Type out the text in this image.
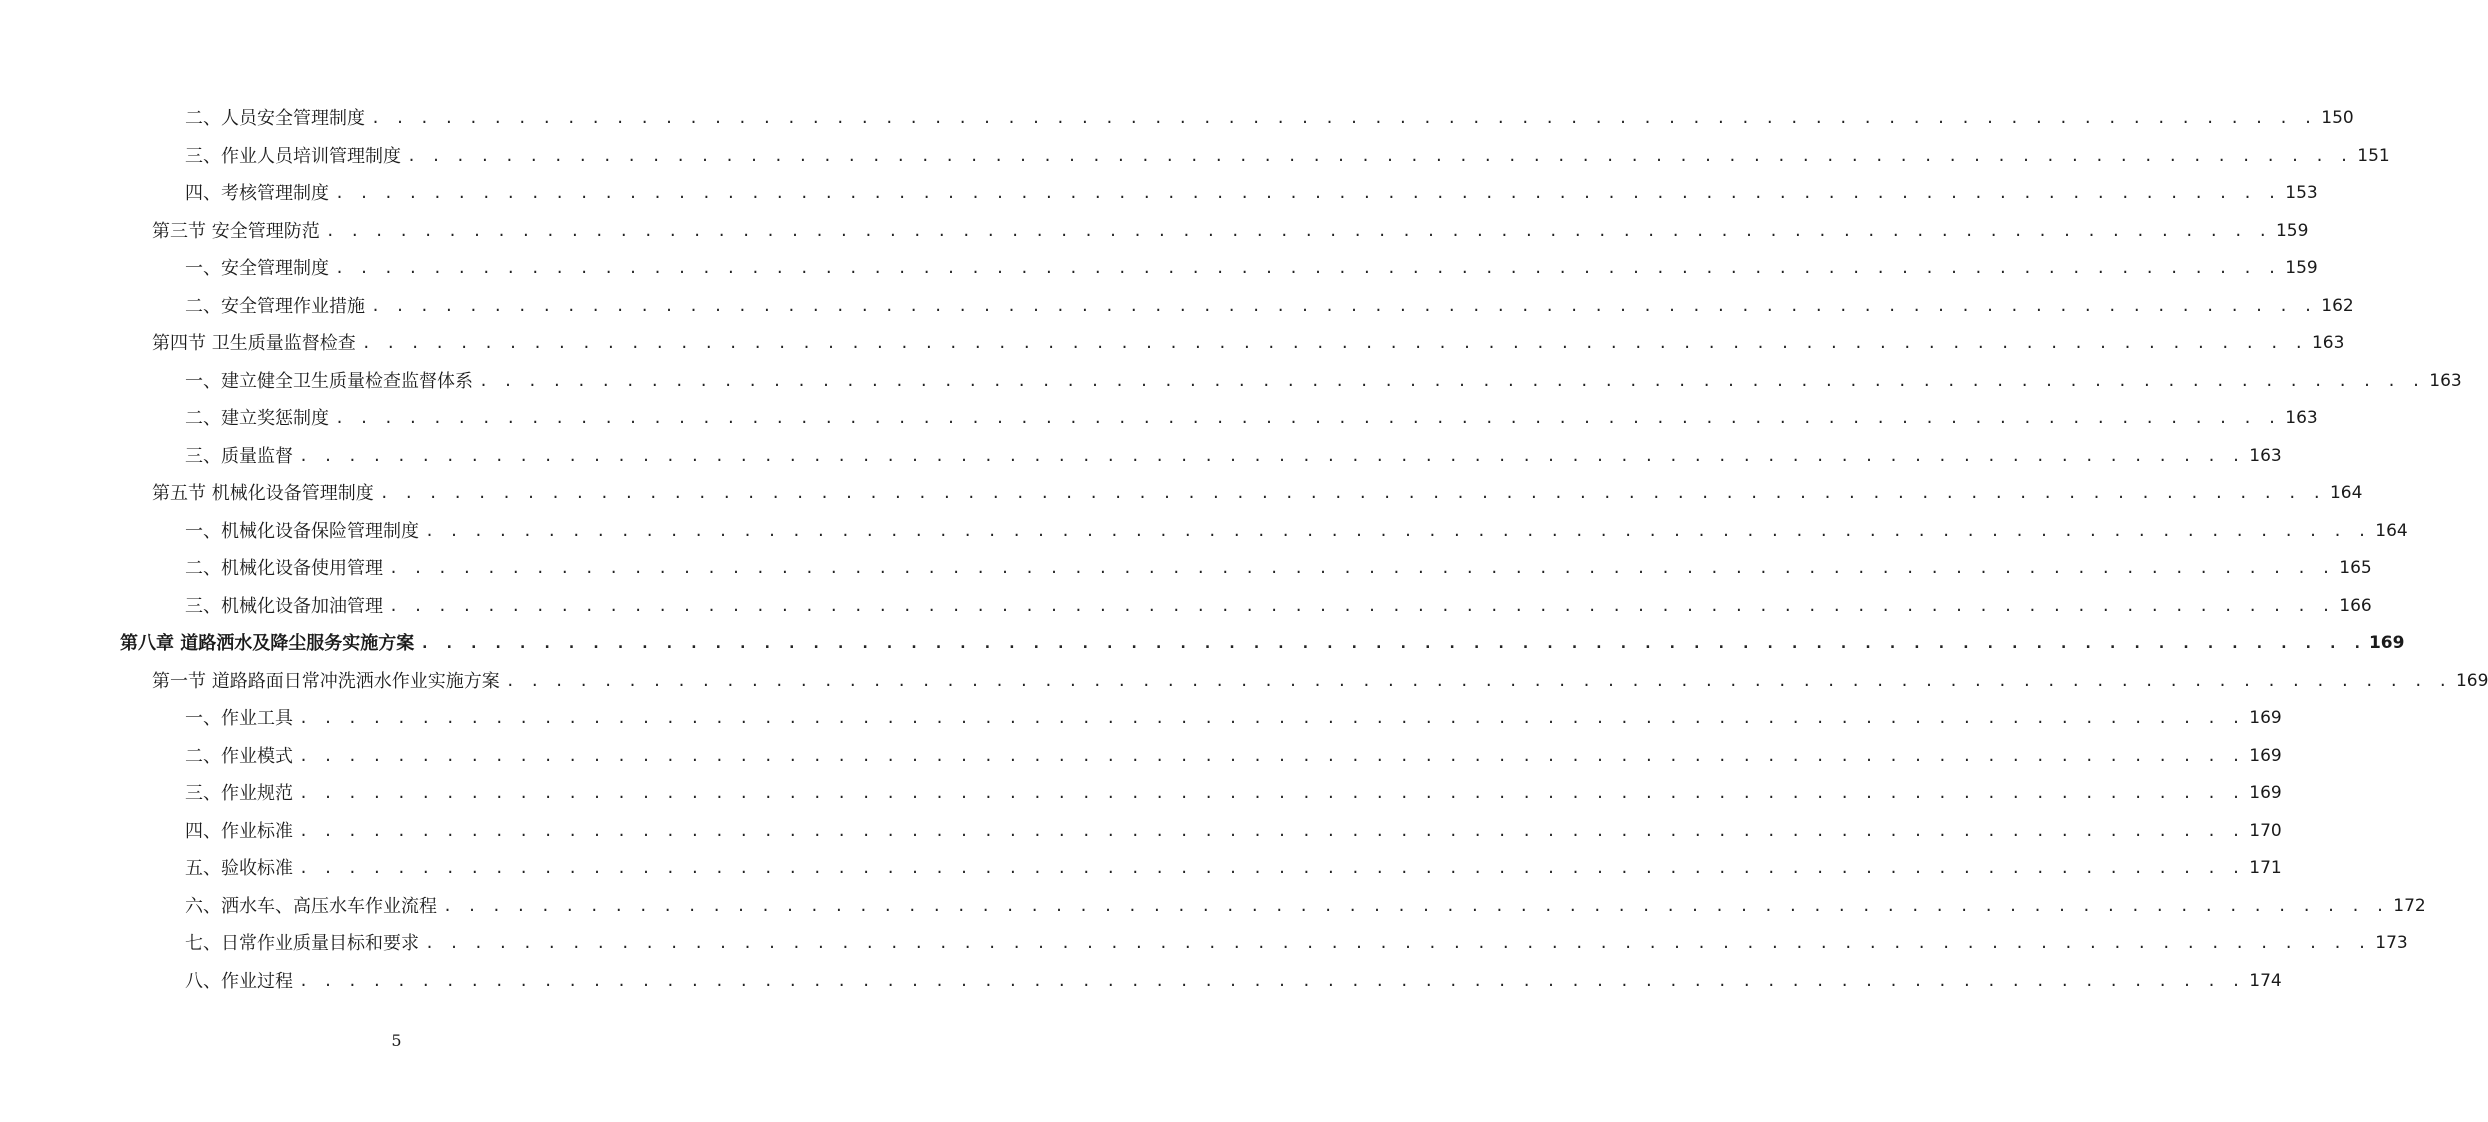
二、人员安全管理制度 . . . . . . . . . . . . . . . . . . . . . . . . . . . . . . . . . . . . . . . . . . . . . . . . . . . . . . . . . . . . . . . . . . . . . . . . . . . . . . . . 150
三、作业人员培训管理制度 . . . . . . . . . . . . . . . . . . . . . . . . . . . . . . . . . . . . . . . . . . . . . . . . . . . . . . . . . . . . . . . . . . . . . . . . . . . . . . . . 151
四、考核管理制度 . . . . . . . . . . . . . . . . . . . . . . . . . . . . . . . . . . . . . . . . . . . . . . . . . . . . . . . . . . . . . . . . . . . . . . . . . . . . . . . . 153
第三节 安全管理防范 . . . . . . . . . . . . . . . . . . . . . . . . . . . . . . . . . . . . . . . . . . . . . . . . . . . . . . . . . . . . . . . . . . . . . . . . . . . . . . . . 159
一、安全管理制度 . . . . . . . . . . . . . . . . . . . . . . . . . . . . . . . . . . . . . . . . . . . . . . . . . . . . . . . . . . . . . . . . . . . . . . . . . . . . . . . . 159
二、安全管理作业措施 . . . . . . . . . . . . . . . . . . . . . . . . . . . . . . . . . . . . . . . . . . . . . . . . . . . . . . . . . . . . . . . . . . . . . . . . . . . . . . . . 162
第四节 卫生质量监督检查 . . . . . . . . . . . . . . . . . . . . . . . . . . . . . . . . . . . . . . . . . . . . . . . . . . . . . . . . . . . . . . . . . . . . . . . . . . . . . . . . 163
一、建立健全卫生质量检查监督体系 . . . . . . . . . . . . . . . . . . . . . . . . . . . . . . . . . . . . . . . . . . . . . . . . . . . . . . . . . . . . . . . . . . . . . . . . . . . . . . . . 163
二、建立奖惩制度 . . . . . . . . . . . . . . . . . . . . . . . . . . . . . . . . . . . . . . . . . . . . . . . . . . . . . . . . . . . . . . . . . . . . . . . . . . . . . . . . 163
三、质量监督 . . . . . . . . . . . . . . . . . . . . . . . . . . . . . . . . . . . . . . . . . . . . . . . . . . . . . . . . . . . . . . . . . . . . . . . . . . . . . . . . 163
第五节 机械化设备管理制度 . . . . . . . . . . . . . . . . . . . . . . . . . . . . . . . . . . . . . . . . . . . . . . . . . . . . . . . . . . . . . . . . . . . . . . . . . . . . . . . . 164
一、机械化设备保险管理制度 . . . . . . . . . . . . . . . . . . . . . . . . . . . . . . . . . . . . . . . . . . . . . . . . . . . . . . . . . . . . . . . . . . . . . . . . . . . . . . . . 164
二、机械化设备使用管理 . . . . . . . . . . . . . . . . . . . . . . . . . . . . . . . . . . . . . . . . . . . . . . . . . . . . . . . . . . . . . . . . . . . . . . . . . . . . . . . . 165
三、机械化设备加油管理 . . . . . . . . . . . . . . . . . . . . . . . . . . . . . . . . . . . . . . . . . . . . . . . . . . . . . . . . . . . . . . . . . . . . . . . . . . . . . . . . 166
第八章 道路洒水及降尘服务实施方案 . . . . . . . . . . . . . . . . . . . . . . . . . . . . . . . . . . . . . . . . . . . . . . . . . . . . . . . . . . . . . . . . . . . . . . . . . . . . . . . . 169
第一节 道路路面日常冲洗洒水作业实施方案 . . . . . . . . . . . . . . . . . . . . . . . . . . . . . . . . . . . . . . . . . . . . . . . . . . . . . . . . . . . . . . . . . . . . . . . . . . . . . . . . 169
一、作业工具 . . . . . . . . . . . . . . . . . . . . . . . . . . . . . . . . . . . . . . . . . . . . . . . . . . . . . . . . . . . . . . . . . . . . . . . . . . . . . . . . 169
二、作业模式 . . . . . . . . . . . . . . . . . . . . . . . . . . . . . . . . . . . . . . . . . . . . . . . . . . . . . . . . . . . . . . . . . . . . . . . . . . . . . . . . 169
三、作业规范 . . . . . . . . . . . . . . . . . . . . . . . . . . . . . . . . . . . . . . . . . . . . . . . . . . . . . . . . . . . . . . . . . . . . . . . . . . . . . . . . 169
四、作业标准 . . . . . . . . . . . . . . . . . . . . . . . . . . . . . . . . . . . . . . . . . . . . . . . . . . . . . . . . . . . . . . . . . . . . . . . . . . . . . . . . 170
五、验收标准 . . . . . . . . . . . . . . . . . . . . . . . . . . . . . . . . . . . . . . . . . . . . . . . . . . . . . . . . . . . . . . . . . . . . . . . . . . . . . . . . 171
六、洒水车、高压水车作业流程 . . . . . . . . . . . . . . . . . . . . . . . . . . . . . . . . . . . . . . . . . . . . . . . . . . . . . . . . . . . . . . . . . . . . . . . . . . . . . . . . 172
七、日常作业质量目标和要求 . . . . . . . . . . . . . . . . . . . . . . . . . . . . . . . . . . . . . . . . . . . . . . . . . . . . . . . . . . . . . . . . . . . . . . . . . . . . . . . . 173
八、作业过程 . . . . . . . . . . . . . . . . . . . . . . . . . . . . . . . . . . . . . . . . . . . . . . . . . . . . . . . . . . . . . . . . . . . . . . . . . . . . . . . . 174
5
